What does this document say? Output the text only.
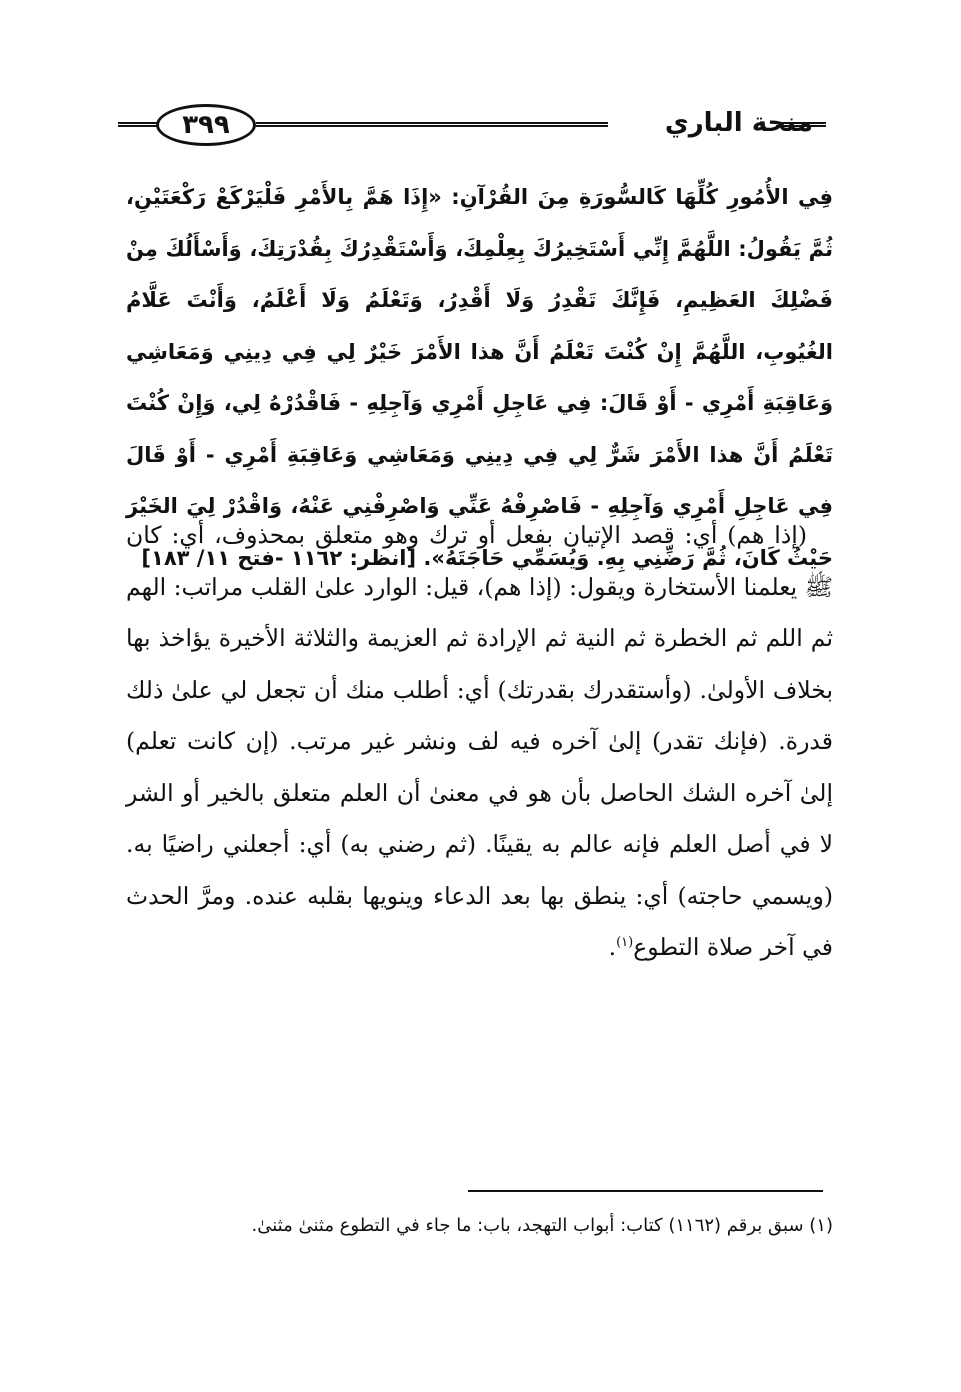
منحة الباري
٣٩٩
فِي الأُمُورِ كُلِّهَا كَالسُّورَةِ مِنَ القُرْآنِ: «إِذَا هَمَّ بِالأَمْرِ فَلْيَرْكَعْ رَكْعَتَيْنِ، ثُمَّ يَقُولُ: اللَّهُمَّ إِنِّي أَسْتَخِيرُكَ بِعِلْمِكَ، وَأَسْتَقْدِرُكَ بِقُدْرَتِكَ، وَأَسْأَلُكَ مِنْ فَضْلِكَ العَظِيمِ، فَإِنَّكَ تَقْدِرُ وَلَا أَقْدِرُ، وَتَعْلَمُ وَلَا أَعْلَمُ، وَأَنْتَ عَلَّامُ الغُيُوبِ، اللَّهُمَّ إِنْ كُنْتَ تَعْلَمُ أَنَّ هذا الأَمْرَ خَيْرٌ لِي فِي دِينِي وَمَعَاشِي وَعَاقِبَةِ أَمْرِي - أَوْ قَالَ: فِي عَاجِلِ أَمْرِي وَآجِلِهِ - فَاقْدُرْهُ لِي، وَإِنْ كُنْتَ تَعْلَمُ أَنَّ هذا الأَمْرَ شَرٌّ لِي فِي دِينِي وَمَعَاشِي وَعَاقِبَةِ أَمْرِي - أَوْ قَالَ فِي عَاجِلِ أَمْرِي وَآجِلِهِ - فَاصْرِفْهُ عَنِّي وَاصْرِفْنِي عَنْهُ، وَاقْدُرْ لِيَ الخَيْرَ حَيْثُ كَانَ، ثُمَّ رَضِّنِي بِهِ. وَيُسَمِّي حَاجَتَهُ». [انظر: ١١٦٢ -فتح ١١/ ١٨٣]
(إذا هم) أي: قصد الإتيان بفعل أو ترك وهو متعلق بمحذوف، أي: كان ﷺ يعلمنا الأستخارة ويقول: (إذا هم)، قيل: الوارد علىٰ القلب مراتب: الهم ثم اللم ثم الخطرة ثم النية ثم الإرادة ثم العزيمة والثلاثة الأخيرة يؤاخذ بها بخلاف الأولىٰ. (وأستقدرك بقدرتك) أي: أطلب منك أن تجعل لي علىٰ ذلك قدرة. (فإنك تقدر) إلىٰ آخره فيه لف ونشر غير مرتب. (إن كانت تعلم) إلىٰ آخره الشك الحاصل بأن هو في معنىٰ أن العلم متعلق بالخير أو الشر لا في أصل العلم فإنه عالم به يقينًا. (ثم رضني به) أي: أجعلني راضيًا به. (ويسمي حاجته) أي: ينطق بها بعد الدعاء وينويها بقلبه عنده. ومرَّ الحدث في آخر صلاة التطوع$^{(١)}$.
(١) سبق برقم (١١٦٢) كتاب: أبواب التهجد، باب: ما جاء في التطوع مثنىٰ مثنىٰ.
